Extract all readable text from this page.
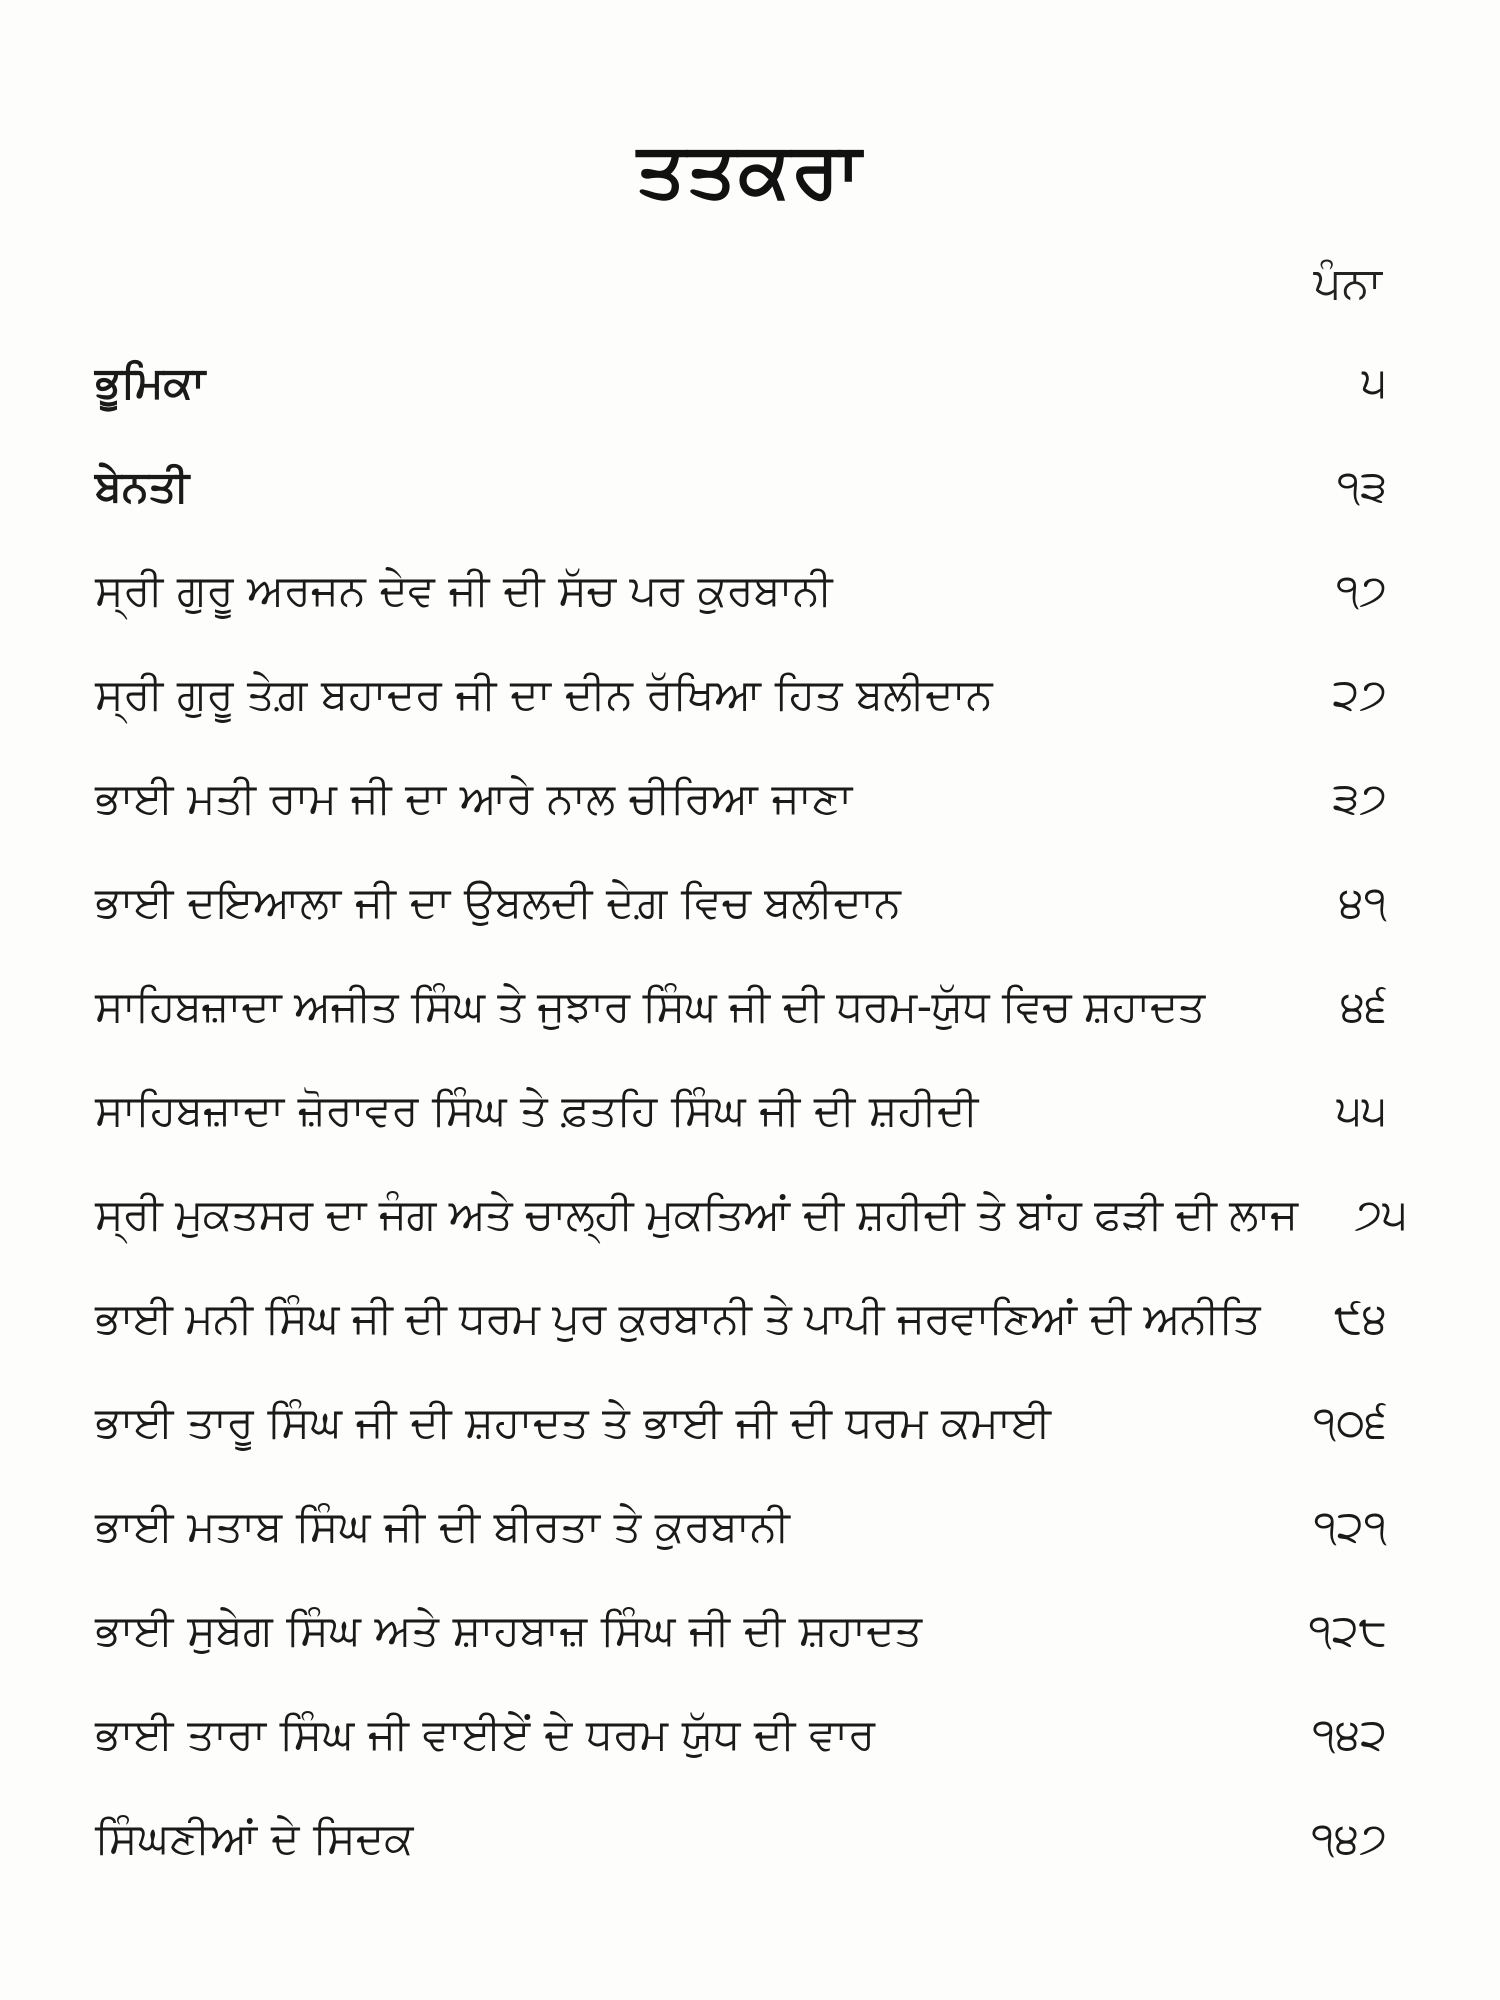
ਤਤਕਰਾ
ਪੰਨਾ
ਭੂਮਿਕਾ	੫
ਬੇਨਤੀ	੧੩
ਸ੍ਰੀ ਗੁਰੂ ਅਰਜਨ ਦੇਵ ਜੀ ਦੀ ਸੱਚ ਪਰ ਕੁਰਬਾਨੀ	੧੭
ਸ੍ਰੀ ਗੁਰੂ ਤੇਗ਼ ਬਹਾਦਰ ਜੀ ਦਾ ਦੀਨ ਰੱਖਿਆ ਹਿਤ ਬਲੀਦਾਨ	੨੭
ਭਾਈ ਮਤੀ ਰਾਮ ਜੀ ਦਾ ਆਰੇ ਨਾਲ ਚੀਰਿਆ ਜਾਣਾ	੩੭
ਭਾਈ ਦਇਆਲਾ ਜੀ ਦਾ ਉਬਲਦੀ ਦੇਗ਼ ਵਿਚ ਬਲੀਦਾਨ	੪੧
ਸਾਹਿਬਜ਼ਾਦਾ ਅਜੀਤ ਸਿੰਘ ਤੇ ਜੁਝਾਰ ਸਿੰਘ ਜੀ ਦੀ ਧਰਮ-ਯੁੱਧ ਵਿਚ ਸ਼ਹਾਦਤ	੪੬
ਸਾਹਿਬਜ਼ਾਦਾ ਜ਼ੋਰਾਵਰ ਸਿੰਘ ਤੇ ਫ਼ਤਹਿ ਸਿੰਘ ਜੀ ਦੀ ਸ਼ਹੀਦੀ	੫੫
ਸ੍ਰੀ ਮੁਕਤਸਰ ਦਾ ਜੰਗ ਅਤੇ ਚਾਲ੍ਹੀ ਮੁਕਤਿਆਂ ਦੀ ਸ਼ਹੀਦੀ ਤੇ ਬਾਂਹ ਫੜੀ ਦੀ ਲਾਜ	੭੫
ਭਾਈ ਮਨੀ ਸਿੰਘ ਜੀ ਦੀ ਧਰਮ ਪੁਰ ਕੁਰਬਾਨੀ ਤੇ ਪਾਪੀ ਜਰਵਾਣਿਆਂ ਦੀ ਅਨੀਤਿ	੯੪
ਭਾਈ ਤਾਰੂ ਸਿੰਘ ਜੀ ਦੀ ਸ਼ਹਾਦਤ ਤੇ ਭਾਈ ਜੀ ਦੀ ਧਰਮ ਕਮਾਈ	੧੦੬
ਭਾਈ ਮਤਾਬ ਸਿੰਘ ਜੀ ਦੀ ਬੀਰਤਾ ਤੇ ਕੁਰਬਾਨੀ	੧੨੧
ਭਾਈ ਸੁਬੇਗ ਸਿੰਘ ਅਤੇ ਸ਼ਾਹਬਾਜ਼ ਸਿੰਘ ਜੀ ਦੀ ਸ਼ਹਾਦਤ	੧੨੮
ਭਾਈ ਤਾਰਾ ਸਿੰਘ ਜੀ ਵਾਈਏਂ ਦੇ ਧਰਮ ਯੁੱਧ ਦੀ ਵਾਰ	੧੪੨
ਸਿੰਘਣੀਆਂ ਦੇ ਸਿਦਕ	੧੪੭
